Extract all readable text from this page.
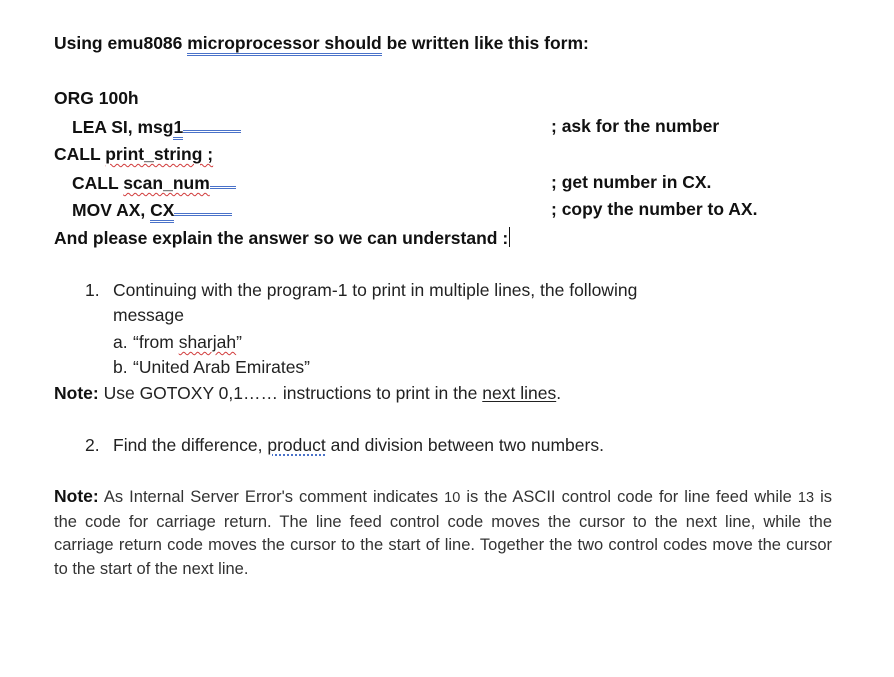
Using emu8086 microprocessor should be written like this form:
ORG 100h
LEA SI, msg1	; ask for the number
CALL print_string ;
CALL scan_num	; get number in CX.
MOV AX, CX	; copy the number to AX.
And please explain the answer so we can understand :
1. Continuing with the program-1 to print in multiple lines, the following
message
a. “from sharjah”
b. “United Arab Emirates”
Note: Use GOTOXY 0,1…… instructions to print in the next lines.
2. Find the difference, product and division between two numbers.
Note: As Internal Server Error's comment indicates 10 is the ASCII control code for line feed while 13 is the code for carriage return. The line feed control code moves the cursor to the next line, while the carriage return code moves the cursor to the start of line. Together the two control codes move the cursor to the start of the next line.
